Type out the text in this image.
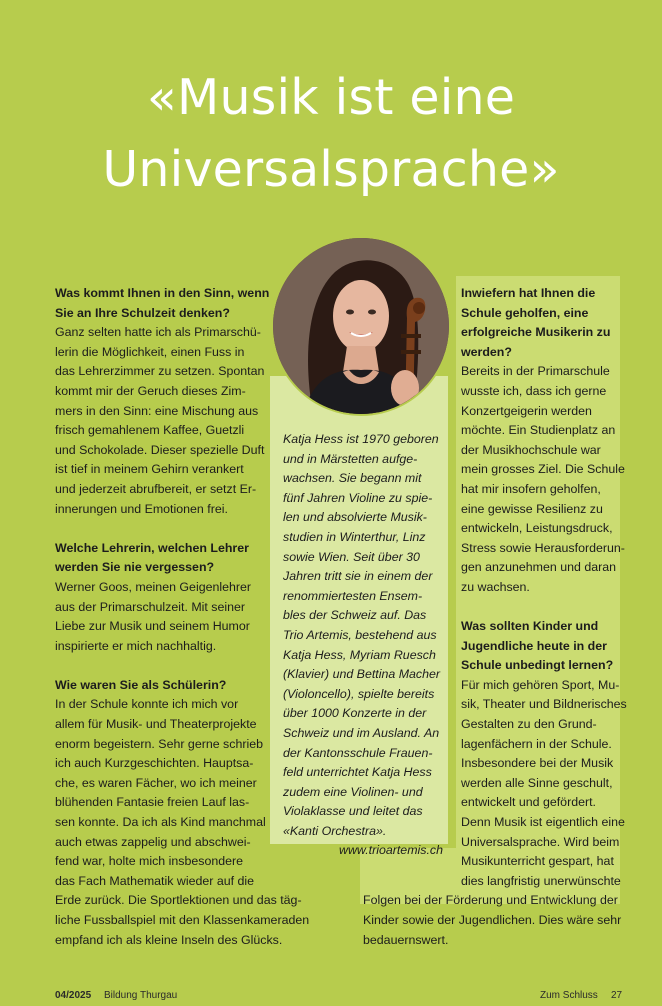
«Musik ist eine
Universalsprache»

Was kommt Ihnen in den Sinn, wenn
Sie an Ihre Schulzeit denken?
Ganz selten hatte ich als Primarschü-
lerin die Möglichkeit, einen Fuss in
das Lehrerzimmer zu setzen. Spontan
kommt mir der Geruch dieses Zim-
mers in den Sinn: eine Mischung aus
frisch gemahlenem Kaffee, Guetzli
und Schokolade. Dieser spezielle Duft
ist tief in meinem Gehirn verankert
und jederzeit abrufbereit, er setzt Er-
innerungen und Emotionen frei.

Welche Lehrerin, welchen Lehrer
werden Sie nie vergessen?
Werner Goos, meinen Geigenlehrer
aus der Primarschulzeit. Mit seiner
Liebe zur Musik und seinem Humor
inspirierte er mich nachhaltig.

Wie waren Sie als Schülerin?
In der Schule konnte ich mich vor
allem für Musik- und Theaterprojekte
enorm begeistern. Sehr gerne schrieb
ich auch Kurzgeschichten. Hauptsa-
che, es waren Fächer, wo ich meiner
blühenden Fantasie freien Lauf las-
sen konnte. Da ich als Kind manchmal
auch etwas zappelig und abschwei-
fend war, holte mich insbesondere
das Fach Mathematik wieder auf die
Erde zurück. Die Sportlektionen und das täg-
liche Fussballspiel mit den Klassenkameraden
empfand ich als kleine Inseln des Glücks.

Katja Hess ist 1970 geboren
und in Märstetten aufge-
wachsen. Sie begann mit
fünf Jahren Violine zu spie-
len und absolvierte Musik-
studien in Winterthur, Linz
sowie Wien. Seit über 30
Jahren tritt sie in einem der
renommiertesten Ensem-
bles der Schweiz auf. Das
Trio Artemis, bestehend aus
Katja Hess, Myriam Ruesch
(Klavier) und Bettina Macher
(Violoncello), spielte bereits
über 1000 Konzerte in der
Schweiz und im Ausland. An
der Kantonsschule Frauen-
feld unterrichtet Katja Hess
zudem eine Violinen- und
Violaklasse und leitet das
«Kanti Orchestra».
www.trioartemis.ch

Inwiefern hat Ihnen die
Schule geholfen, eine
erfolgreiche Musikerin zu
werden?
Bereits in der Primarschule
wusste ich, dass ich gerne
Konzertgeigerin werden
möchte. Ein Studienplatz an
der Musikhochschule war
mein grosses Ziel. Die Schule
hat mir insofern geholfen,
eine gewisse Resilienz zu
entwickeln, Leistungsdruck,
Stress sowie Herausforderun-
gen anzunehmen und daran
zu wachsen.

Was sollten Kinder und
Jugendliche heute in der
Schule unbedingt lernen?
Für mich gehören Sport, Mu-
sik, Theater und Bildnerisches
Gestalten zu den Grund-
lagenfächern in der Schule.
Insbesondere bei der Musik
werden alle Sinne geschult,
entwickelt und gefördert.
Denn Musik ist eigentlich eine
Universalsprache. Wird beim
Musikunterricht gespart, hat
dies langfristig unerwünschte
Folgen bei der Förderung und Entwicklung der
Kinder sowie der Jugendlichen. Dies wäre sehr
bedauernswert.

04/2025 Bildung Thurgau	Zum Schluss 27
